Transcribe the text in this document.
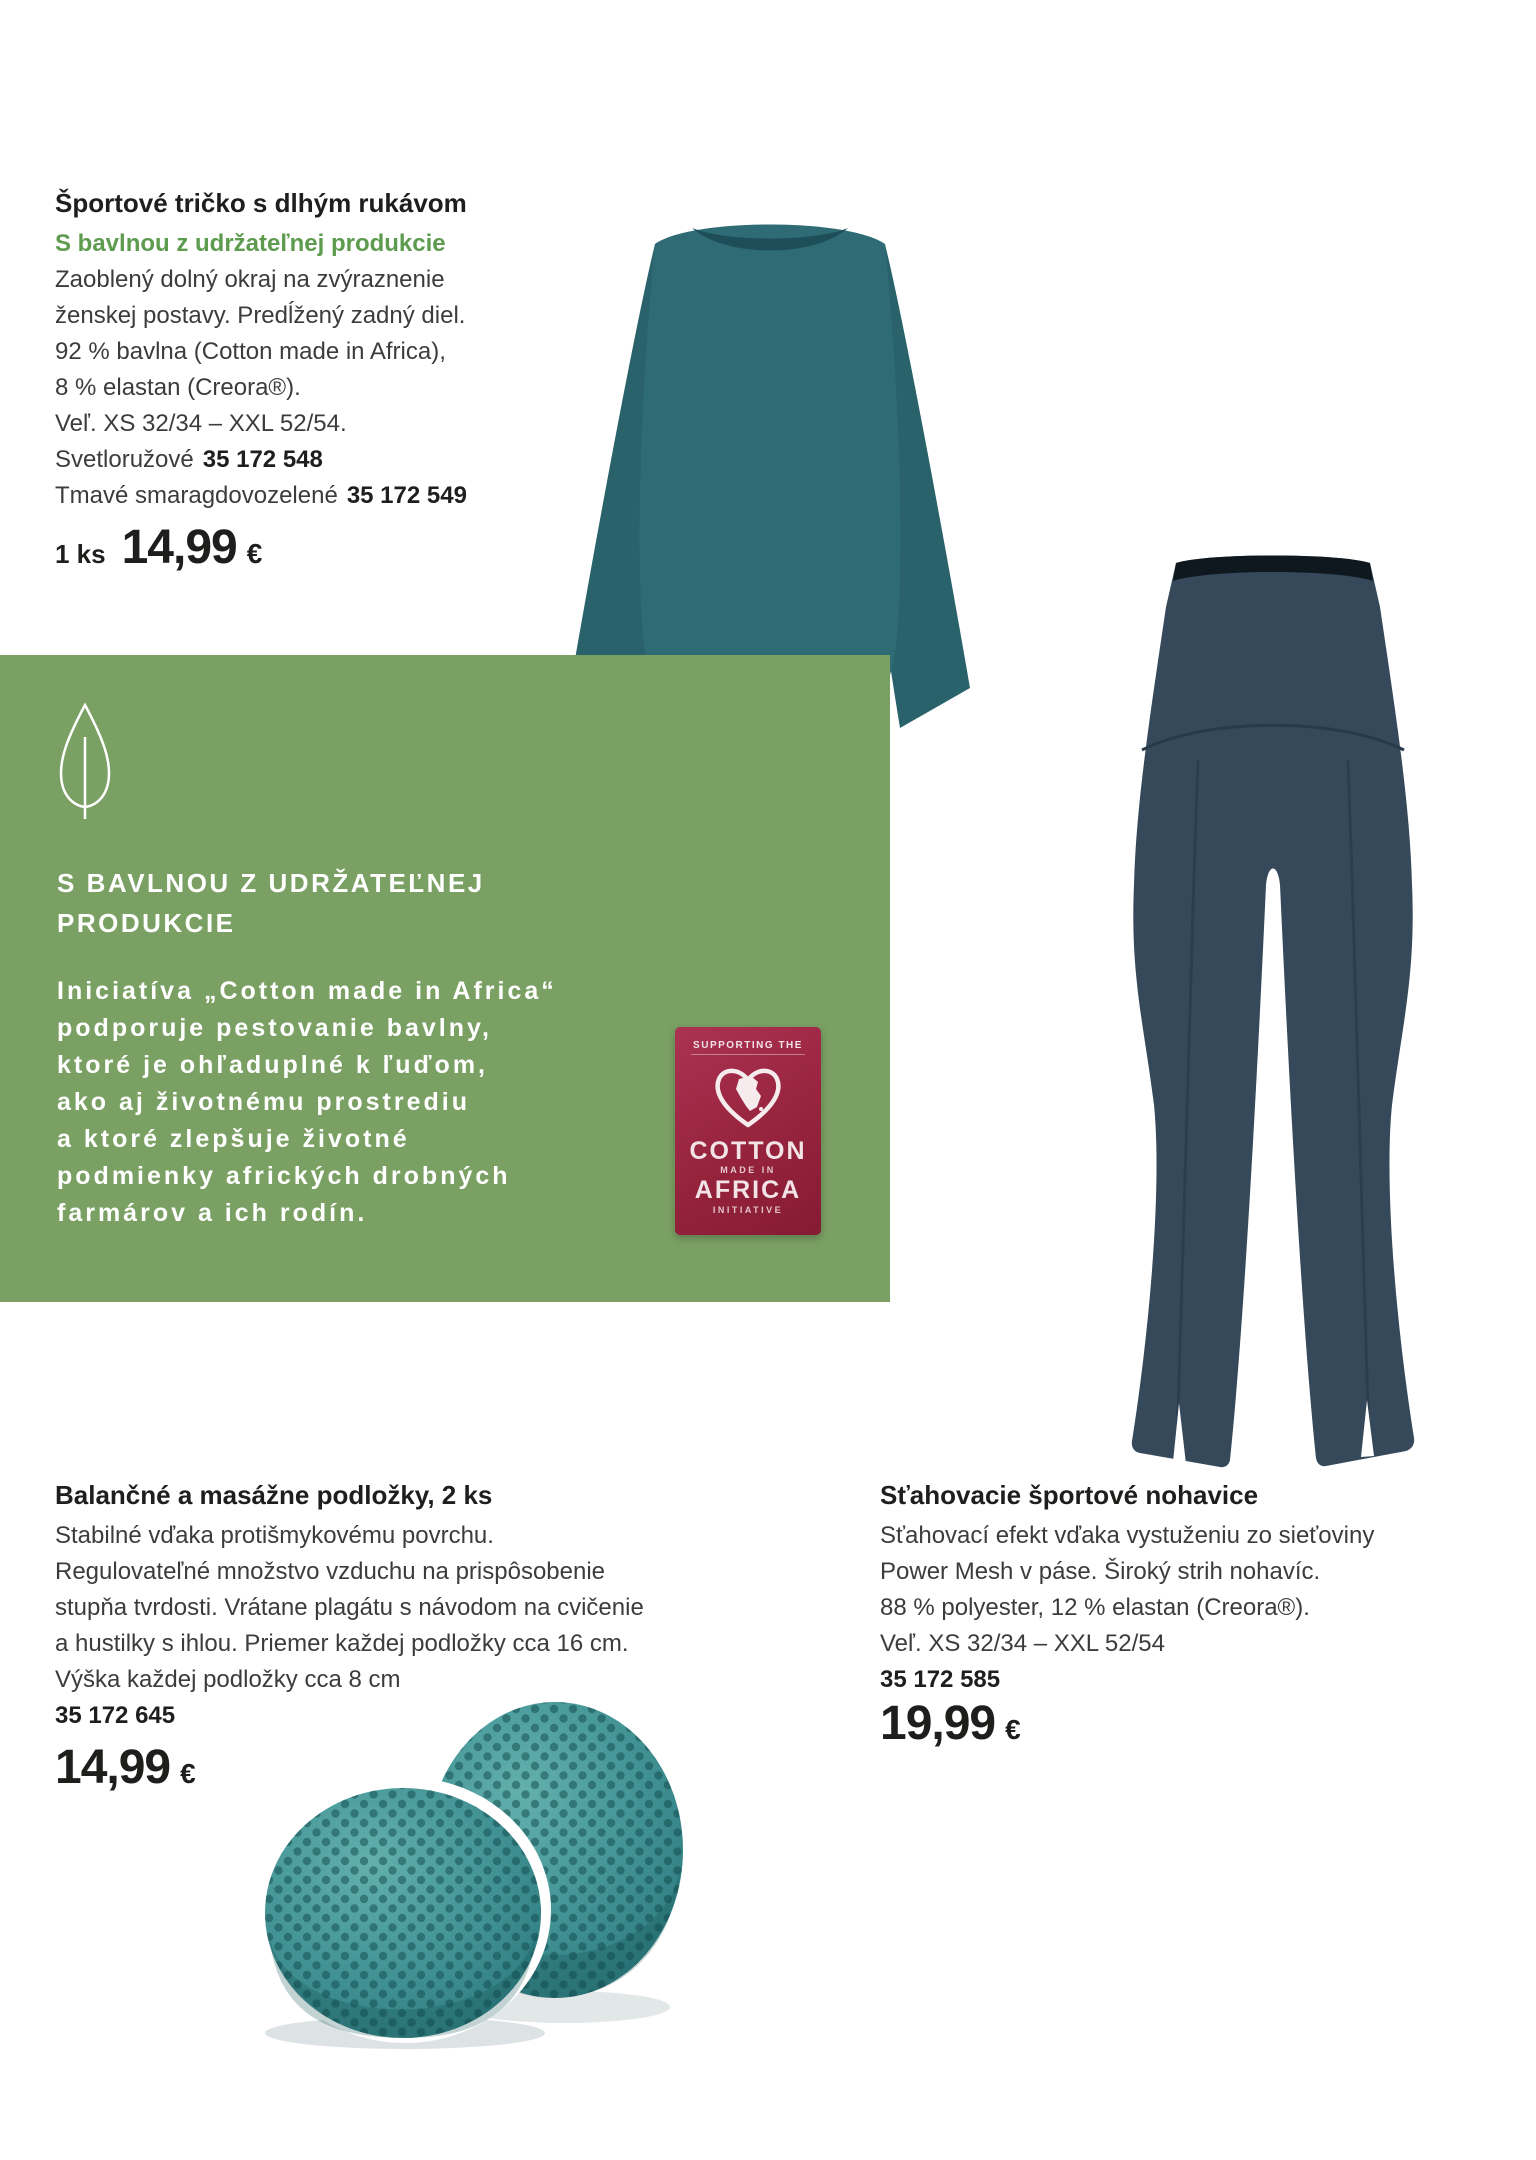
Športové tričko s dlhým rukávom

S bavlnou z udržateľnej produkcie

Zaoblený dolný okraj na zvýraznenie

ženskej postavy. Predĺžený zadný diel.

92 % bavlna (Cotton made in Africa),

8 % elastan (Creora®).

Veľ. XS 32/34 – XXL 52/54.

Svetloružové 35 172 548

Tmavé smaragdovozelené 35 172 549

1 ks 14,99 €
S BAVLNOU Z UDRŽATEĽNEJ
PRODUKCIE

Iniciatíva „Cotton made in Africa“

podporuje pestovanie bavlny,

ktoré je ohľaduplné k ľuďom,

ako aj životnému prostrediu

a ktoré zlepšuje životné

podmienky afrických drobných

farmárov a ich rodín.

SUPPORTING THE
COTTON
MADE IN
AFRICA
INITIATIVE
Balančné a masážne podložky, 2 ks

Stabilné vďaka protišmykovému povrchu.

Regulovateľné množstvo vzduchu na prispôsobenie

stupňa tvrdosti. Vrátane plagátu s návodom na cvičenie

a hustilky s ihlou. Priemer každej podložky cca 16 cm.

Výška každej podložky cca 8 cm

35 172 645

14,99 €
Sťahovacie športové nohavice

Sťahovací efekt vďaka vystuženiu zo sieťoviny

Power Mesh v páse. Široký strih nohavíc.

88 % polyester, 12 % elastan (Creora®).

Veľ. XS 32/34 – XXL 52/54

35 172 585

19,99 €
